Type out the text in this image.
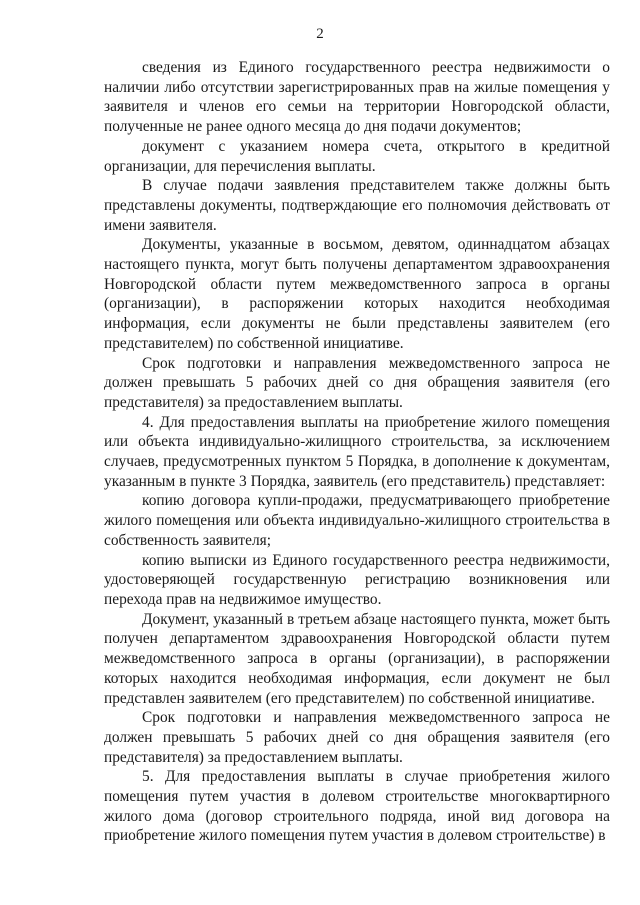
2

сведения из Единого государственного реестра недвижимости о наличии либо отсутствии зарегистрированных прав на жилые помещения у заявителя и членов его семьи на территории Новгородской области, полученные не ранее одного месяца до дня подачи документов;

документ с указанием номера счета, открытого в кредитной организации, для перечисления выплаты.

В случае подачи заявления представителем также должны быть представлены документы, подтверждающие его полномочия действовать от имени заявителя.

Документы, указанные в восьмом, девятом, одиннадцатом абзацах настоящего пункта, могут быть получены департаментом здравоохранения Новгородской области путем межведомственного запроса в органы (организации), в распоряжении которых находится необходимая информация, если документы не были представлены заявителем (его представителем) по собственной инициативе.

Срок подготовки и направления межведомственного запроса не должен превышать 5 рабочих дней со дня обращения заявителя (его представителя) за предоставлением выплаты.

4. Для предоставления выплаты на приобретение жилого помещения или объекта индивидуально-жилищного строительства, за исключением случаев, предусмотренных пунктом 5 Порядка, в дополнение к документам, указанным в пункте 3 Порядка, заявитель (его представитель) представляет:

копию договора купли-продажи, предусматривающего приобретение жилого помещения или объекта индивидуально-жилищного строительства в собственность заявителя;

копию выписки из Единого государственного реестра недвижимости, удостоверяющей государственную регистрацию возникновения или перехода прав на недвижимое имущество.

Документ, указанный в третьем абзаце настоящего пункта, может быть получен департаментом здравоохранения Новгородской области путем межведомственного запроса в органы (организации), в распоряжении которых находится необходимая информация, если документ не был представлен заявителем (его представителем) по собственной инициативе.

Срок подготовки и направления межведомственного запроса не должен превышать 5 рабочих дней со дня обращения заявителя (его представителя) за предоставлением выплаты.

5. Для предоставления выплаты в случае приобретения жилого помещения путем участия в долевом строительстве многоквартирного жилого дома (договор строительного подряда, иной вид договора на приобретение жилого помещения путем участия в долевом строительстве) в
